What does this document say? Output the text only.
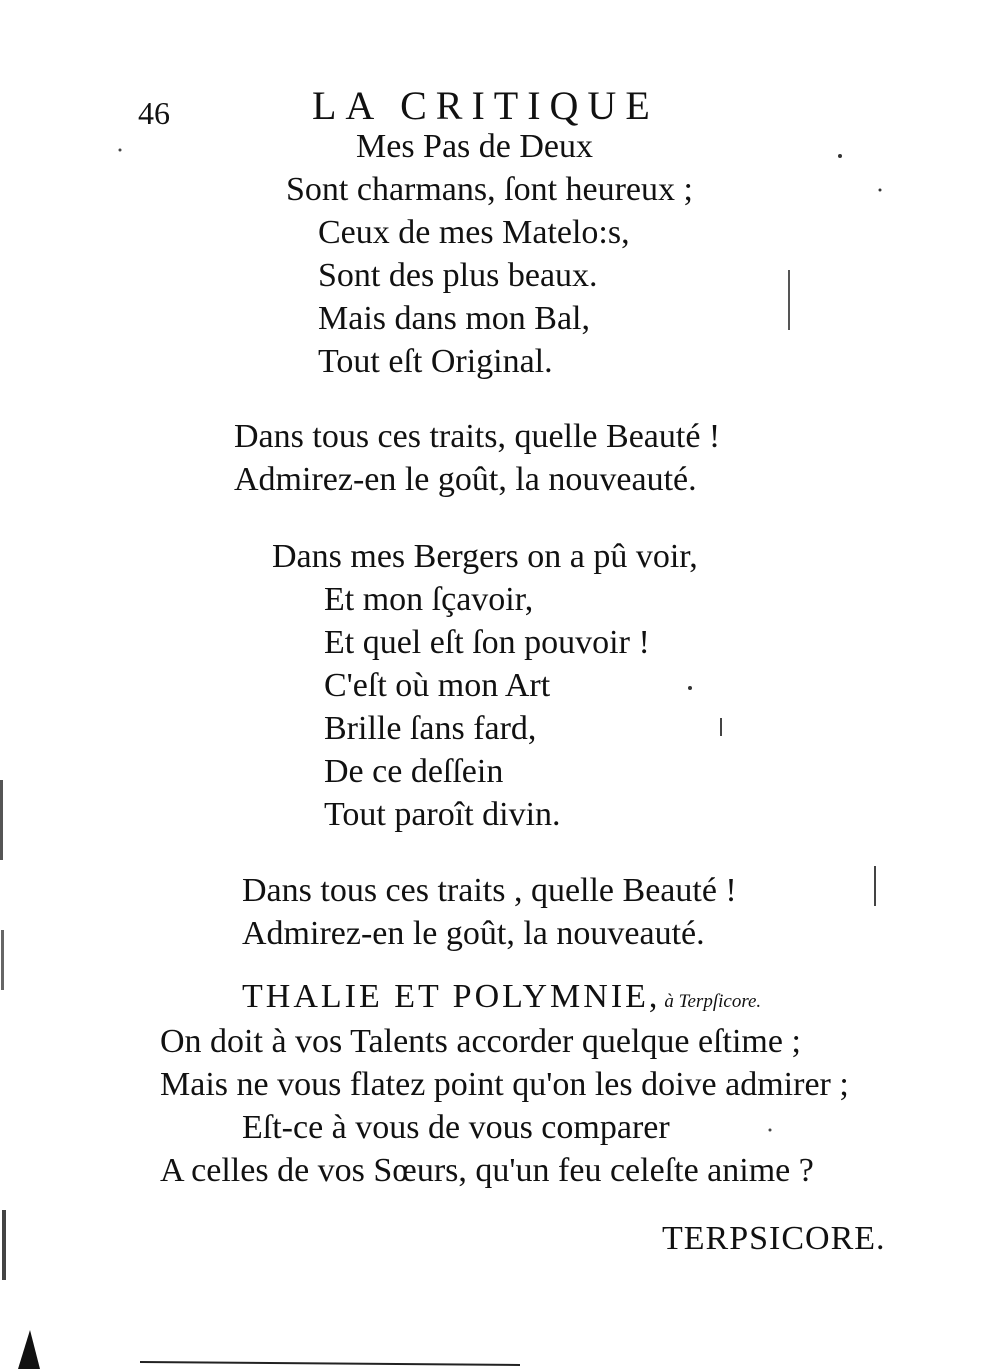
46	LA CRITIQUE
Mes Pas de Deux
Sont charmans, ſont heureux ;
Ceux de mes Matelo:s,
Sont des plus beaux.
Mais dans mon Bal,
Tout eſt Original.
Dans tous ces traits, quelle Beauté !
Admirez-en le goût, la nouveauté.
Dans mes Bergers on a pû voir,
Et mon ſçavoir,
Et quel eſt ſon pouvoir !
C'eſt où mon Art
Brille ſans fard,
De ce deſſein
Tout paroît divin.
Dans tous ces traits , quelle Beauté !
Admirez-en le goût, la nouveauté.
THALIE ET POLYMNIE, à Terpſicore.
On doit à vos Talents accorder quelque eſtime ;
Mais ne vous flatez point qu'on les doive admirer ;
Eſt-ce à vous de vous comparer
A celles de vos Sœurs, qu'un feu celeſte anime ?
TERPSICORE.
